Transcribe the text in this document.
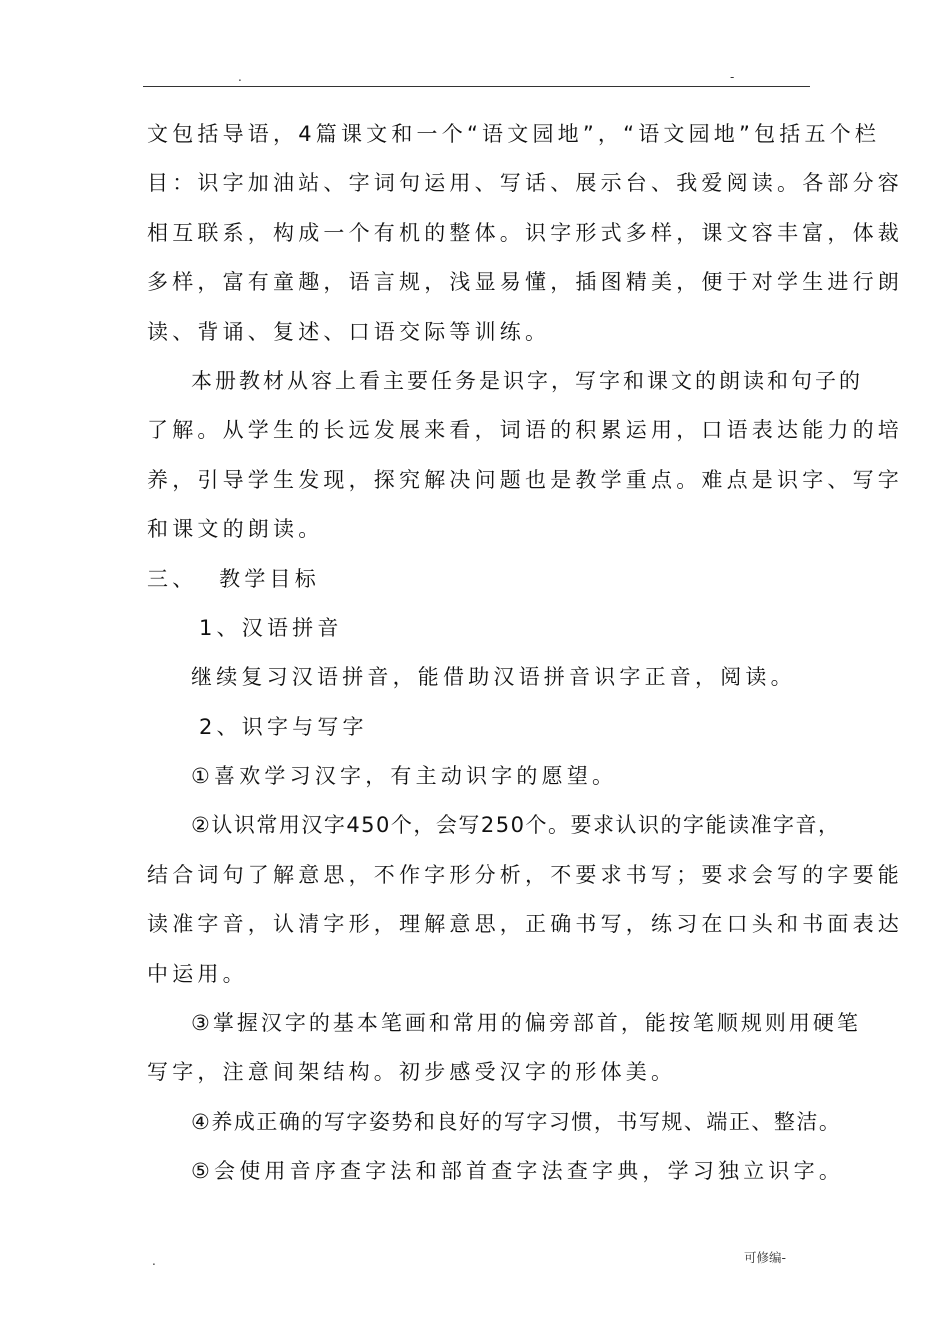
.	-
文包括导语，4篇课文和一个“语文园地”，“语文园地”包括五个栏
目：识字加油站、字词句运用、写话、展示台、我爱阅读。各部分容
相互联系，构成一个有机的整体。识字形式多样，课文容丰富，体裁
多样，富有童趣，语言规，浅显易懂，插图精美，便于对学生进行朗
读、背诵、复述、口语交际等训练。
本册教材从容上看主要任务是识字，写字和课文的朗读和句子的
了解。从学生的长远发展来看，词语的积累运用，口语表达能力的培
养，引导学生发现，探究解决问题也是教学重点。难点是识字、写字
和课文的朗读。
三、  教学目标
1、汉语拼音
继续复习汉语拼音，能借助汉语拼音识字正音，阅读。
2、识字与写字
①喜欢学习汉字，有主动识字的愿望。
②认识常用汉字450个，会写250个。要求认识的字能读准字音，
结合词句了解意思，不作字形分析，不要求书写；要求会写的字要能
读准字音，认清字形，理解意思，正确书写，练习在口头和书面表达
中运用。
③掌握汉字的基本笔画和常用的偏旁部首，能按笔顺规则用硬笔
写字，注意间架结构。初步感受汉字的形体美。
④养成正确的写字姿势和良好的写字习惯，书写规、端正、整洁。
⑤会使用音序查字法和部首查字法查字典，学习独立识字。
.	可修编-
